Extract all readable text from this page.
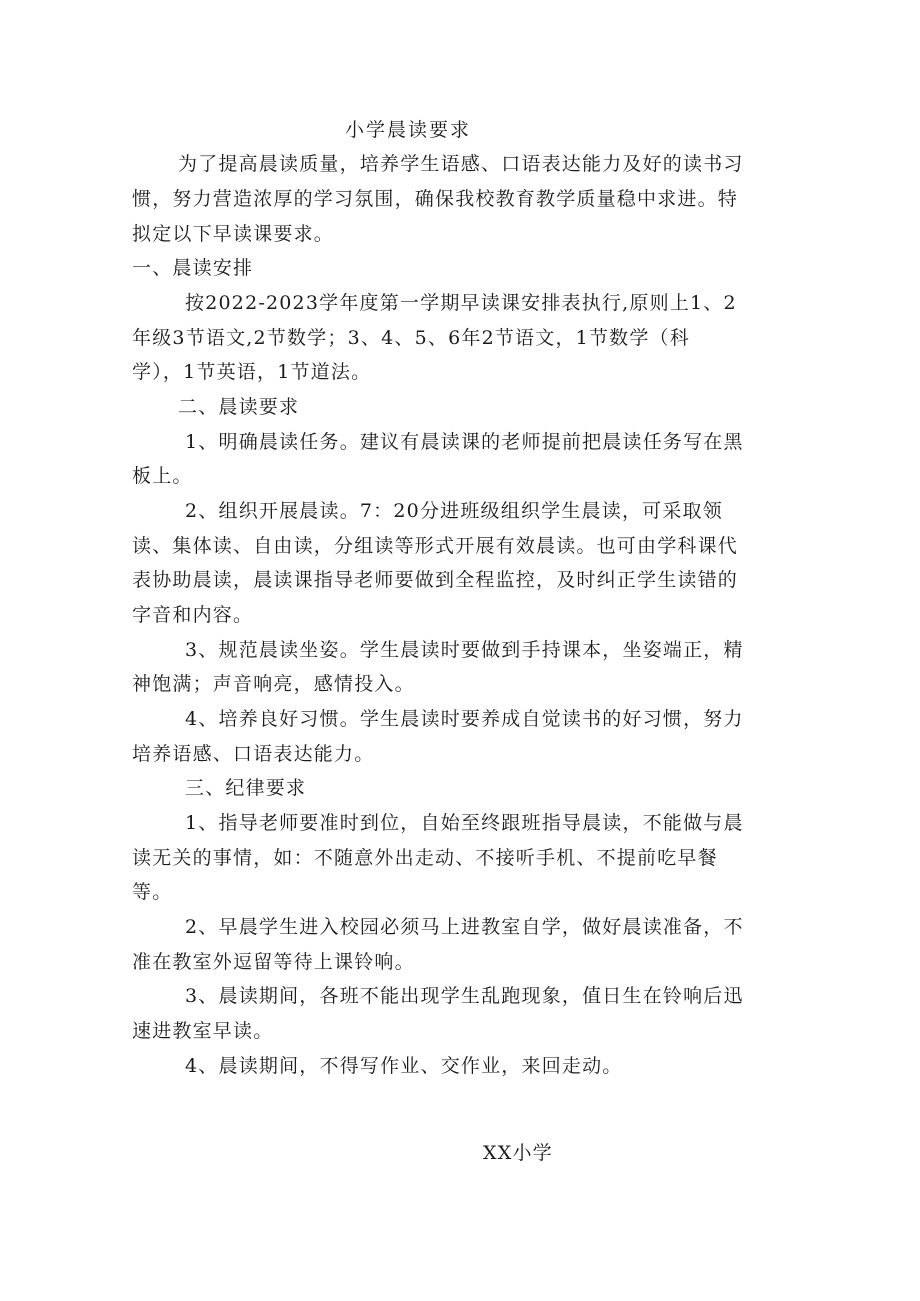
小学晨读要求
为了提高晨读质量，培养学生语感、口语表达能力及好的读书习
惯，努力营造浓厚的学习氛围，确保我校教育教学质量稳中求进。特
拟定以下早读课要求。
一、晨读安排
按2022-2023学年度第一学期早读课安排表执行,原则上1、2
年级3节语文,2节数学；3、4、5、6年2节语文，1节数学（科
学），1节英语，1节道法。
二、晨读要求
1、明确晨读任务。建议有晨读课的老师提前把晨读任务写在黑
板上。
2、组织开展晨读。7：20分进班级组织学生晨读，可采取领
读、集体读、自由读，分组读等形式开展有效晨读。也可由学科课代
表协助晨读，晨读课指导老师要做到全程监控，及时纠正学生读错的
字音和内容。
3、规范晨读坐姿。学生晨读时要做到手持课本，坐姿端正，精
神饱满；声音响亮，感情投入。
4、培养良好习惯。学生晨读时要养成自觉读书的好习惯，努力
培养语感、口语表达能力。
三、纪律要求
1、指导老师要准时到位，自始至终跟班指导晨读，不能做与晨
读无关的事情，如：不随意外出走动、不接听手机、不提前吃早餐
等。
2、早晨学生进入校园必须马上进教室自学，做好晨读准备，不
准在教室外逗留等待上课铃响。
3、晨读期间，各班不能出现学生乱跑现象，值日生在铃响后迅
速进教室早读。
4、晨读期间，不得写作业、交作业，来回走动。
XX小学
